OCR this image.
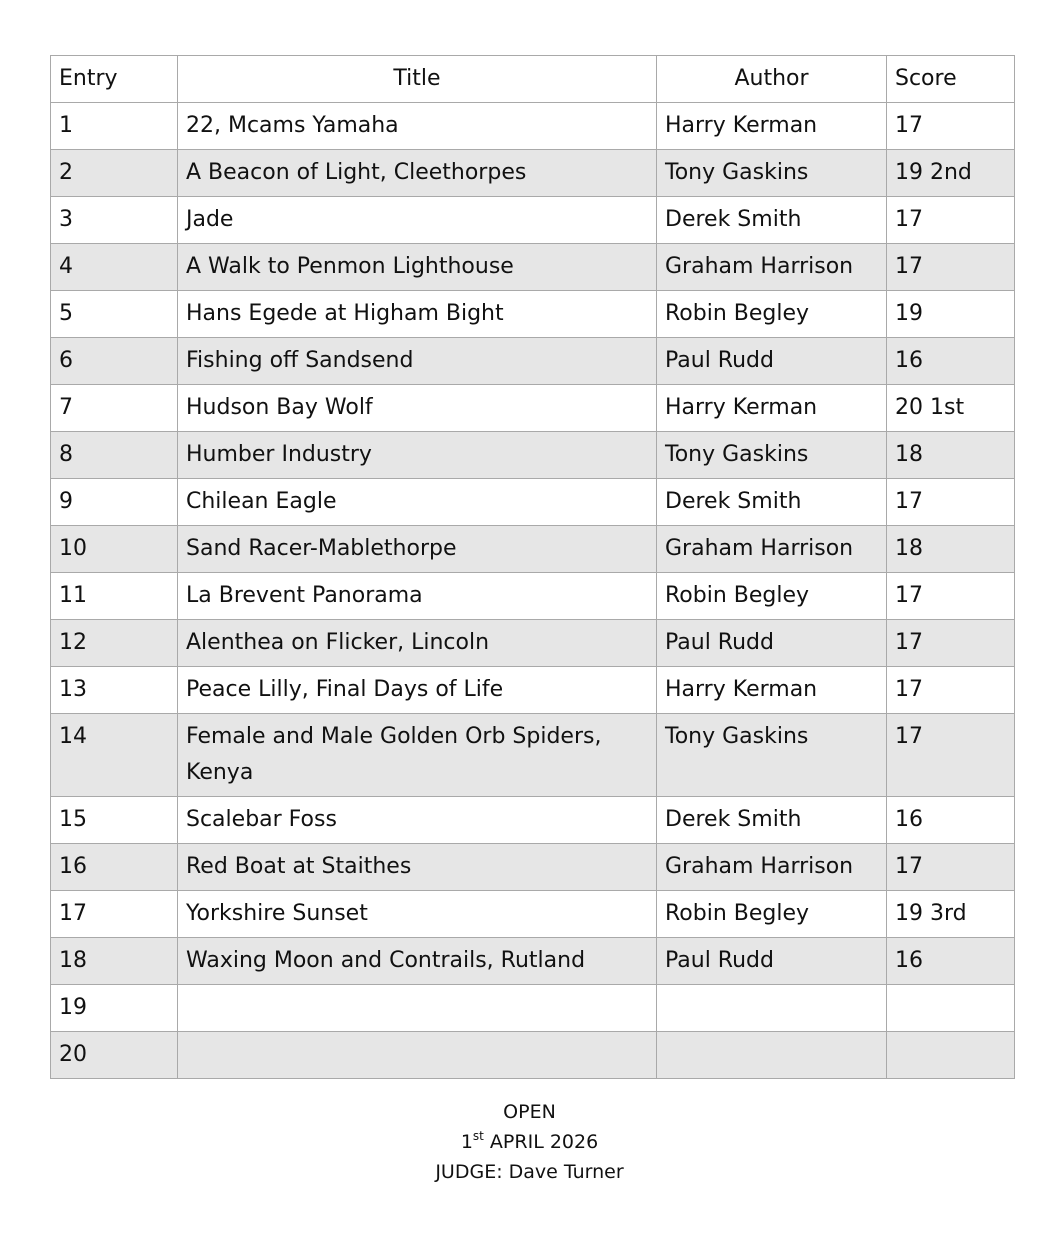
Entry	Title	Author	Score
1	22, Mcams Yamaha	Harry Kerman	17
2	A Beacon of Light, Cleethorpes	Tony Gaskins	19 2nd
3	Jade	Derek Smith	17
4	A Walk to Penmon Lighthouse	Graham Harrison	17
5	Hans Egede at Higham Bight	Robin Begley	19
6	Fishing off Sandsend	Paul Rudd	16
7	Hudson Bay Wolf	Harry Kerman	20 1st
8	Humber Industry	Tony Gaskins	18
9	Chilean Eagle	Derek Smith	17
10	Sand Racer-Mablethorpe	Graham Harrison	18
11	La Brevent Panorama	Robin Begley	17
12	Alenthea on Flicker, Lincoln	Paul Rudd	17
13	Peace Lilly, Final Days of Life	Harry Kerman	17
14	Female and Male Golden Orb Spiders, Kenya	Tony Gaskins	17
15	Scalebar Foss	Derek Smith	16
16	Red Boat at Staithes	Graham Harrison	17
17	Yorkshire Sunset	Robin Begley	19 3rd
18	Waxing Moon and Contrails, Rutland	Paul Rudd	16
19			
20			
OPEN
1st APRIL 2026
JUDGE: Dave Turner
